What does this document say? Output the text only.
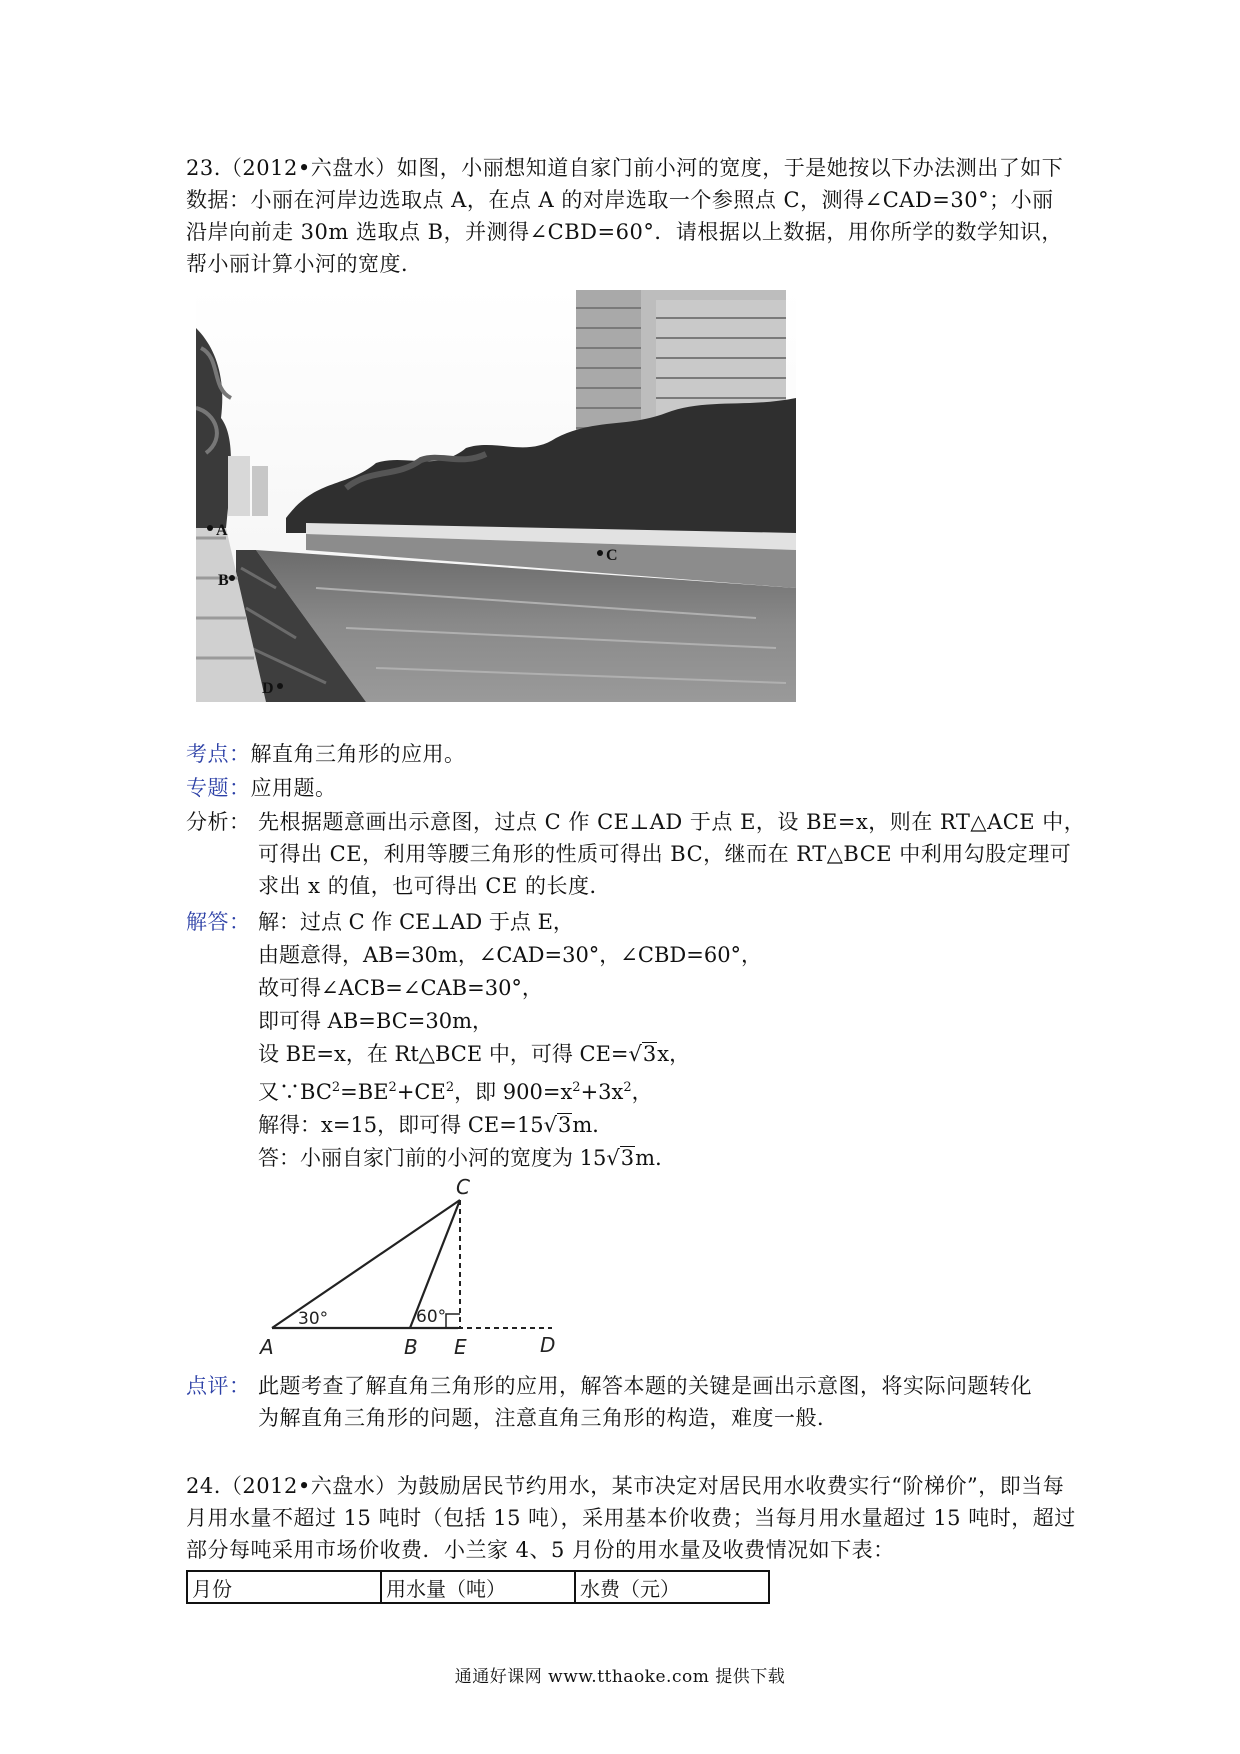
23.（2012•六盘水）如图，小丽想知道自家门前小河的宽度，于是她按以下办法测出了如下
数据：小丽在河岸边选取点 A，在点 A 的对岸选取一个参照点 C，测得∠CAD=30°；小丽
沿岸向前走 30m 选取点 B，并测得∠CBD=60°．请根据以上数据，用你所学的数学知识，
帮小丽计算小河的宽度．
A
B
C
D
考点：解直角三角形的应用。
专题：应用题。
分析： 先根据题意画出示意图，过点 C 作 CE⊥AD 于点 E，设 BE=x，则在 RT△ACE 中，
可得出 CE，利用等腰三角形的性质可得出 BC，继而在 RT△BCE 中利用勾股定理可
求出 x 的值，也可得出 CE 的长度．
解答： 解：过点 C 作 CE⊥AD 于点 E，
由题意得，AB=30m，∠CAD=30°，∠CBD=60°，
故可得∠ACB=∠CAB=30°，
即可得 AB=BC=30m，
设 BE=x，在 Rt△BCE 中，可得 CE=√3x，
又$\because BC^2=BE^2+CE^2$，即 $900=x^2+3x^2$，
解得：x=15，即可得 CE=15√3m．
答：小丽自家门前的小河的宽度为 15√3m．
C
A	B E	D
30°	60°
点评： 此题考查了解直角三角形的应用，解答本题的关键是画出示意图，将实际问题转化
为解直角三角形的问题，注意直角三角形的构造，难度一般．
24.（2012•六盘水）为鼓励居民节约用水，某市决定对居民用水收费实行“阶梯价”，即当每
月用水量不超过 15 吨时（包括 15 吨），采用基本价收费；当每月用水量超过 15 吨时，超过
部分每吨采用市场价收费．小兰家 4、5 月份的用水量及收费情况如下表：
月份	用水量（吨）	水费（元）
通通好课网 www.tthaoke.com 提供下载
